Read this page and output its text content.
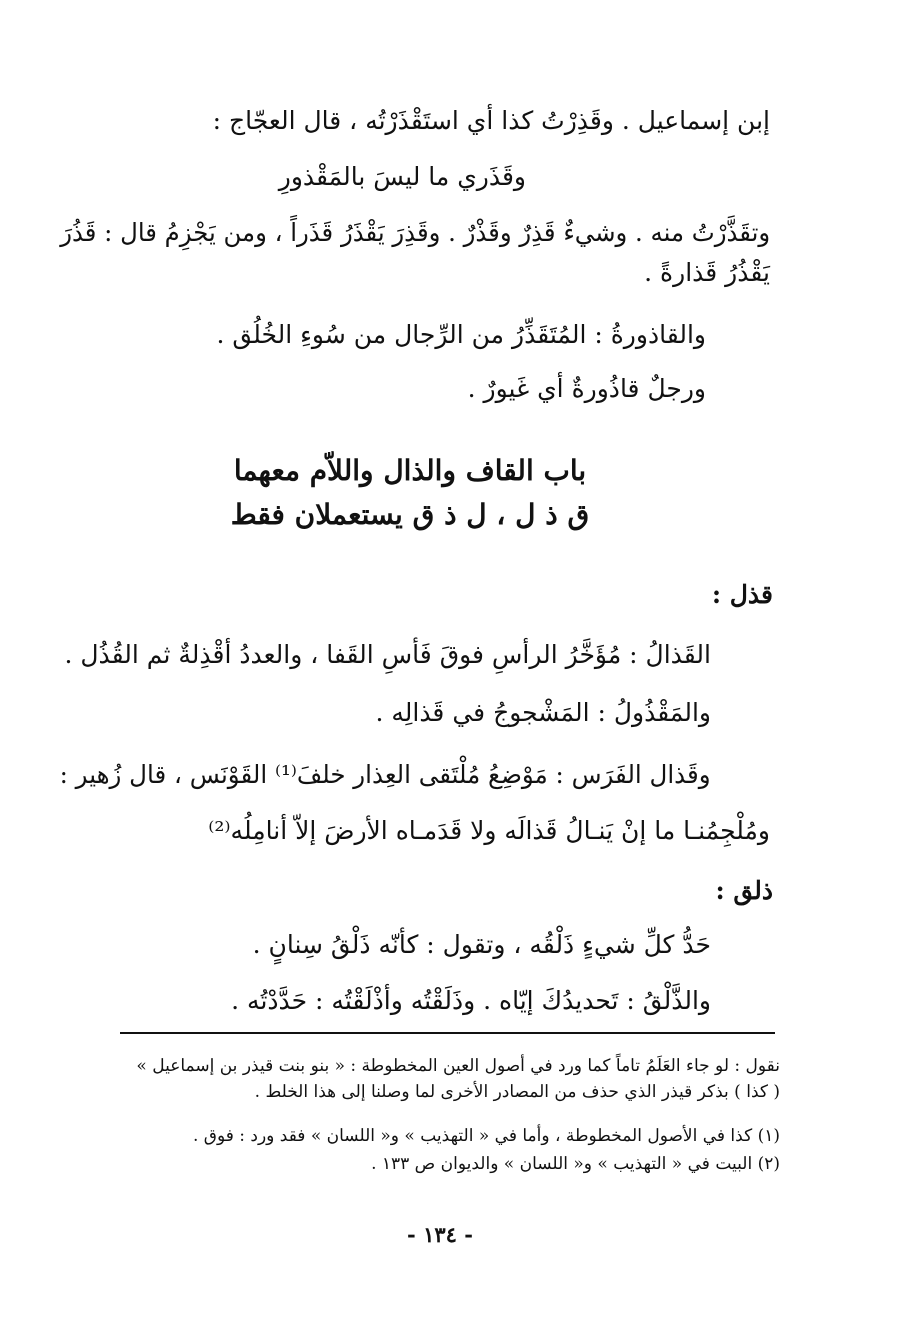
إبن إسماعيل . وقَذِرْتُ كذا أي استَقْذَرْتُه ، قال العجّاج :
وقَذَري ما ليسَ بالمَقْذورِ
وتقَذَّرْتُ منه . وشيءٌ قَذِرٌ وقَذْرٌ . وقَذِرَ يَقْذَرُ قَذَراً ، ومن يَجْزِمُ قال : قَذُرَ
يَقْذُرُ قَذارةً .
والقاذورةُ : المُتَقَذِّرُ من الرِّجال من سُوءِ الخُلُق .
ورجلٌ قاذُورةٌ أي غَيورٌ .
باب القاف والذال واللاّم معهما
ق ذ ل ، ل ذ ق يستعملان فقط
قذل :
القَذالُ : مُؤَخَّرُ الرأسِ فوقَ فَأسِ القَفا ، والعددُ أقْذِلةٌ ثم القُذُل .
والمَقْذُولُ : المَشْجوجُ في قَذالِه .
وقَذال الفَرَس : مَوْضِعُ مُلْتَقى العِذار خلفَ⁽¹⁾ القَوْنَس ، قال زُهير :
ومُلْجِمُنـا ما إنْ يَنـالُ قَذالَه ولا قَدَمـاه الأرضَ إلاّ أنامِلُه⁽²⁾
ذلق :
حَدُّ كلِّ شيءٍ ذَلْقُه ، وتقول : كأنّه ذَلْقُ سِنانٍ .
والذَّلْقُ : تَحديدُكَ إيّاه . وذَلَقْتُه وأذْلَقْتُه : حَدَّدْتُه .
نقول : لو جاء العَلَمُ تاماً كما ورد في أصول العين المخطوطة : « بنو بنت قيذر بن إسماعيل »
( كذا ) بذكر قيذر الذي حذف من المصادر الأخرى لما وصلنا إلى هذا الخلط .
(١) كذا في الأصول المخطوطة ، وأما في « التهذيب » و« اللسان » فقد ورد : فوق .
(٢) البيت في « التهذيب » و« اللسان » والديوان ص ١٣٣ .
- ١٣٤ -
